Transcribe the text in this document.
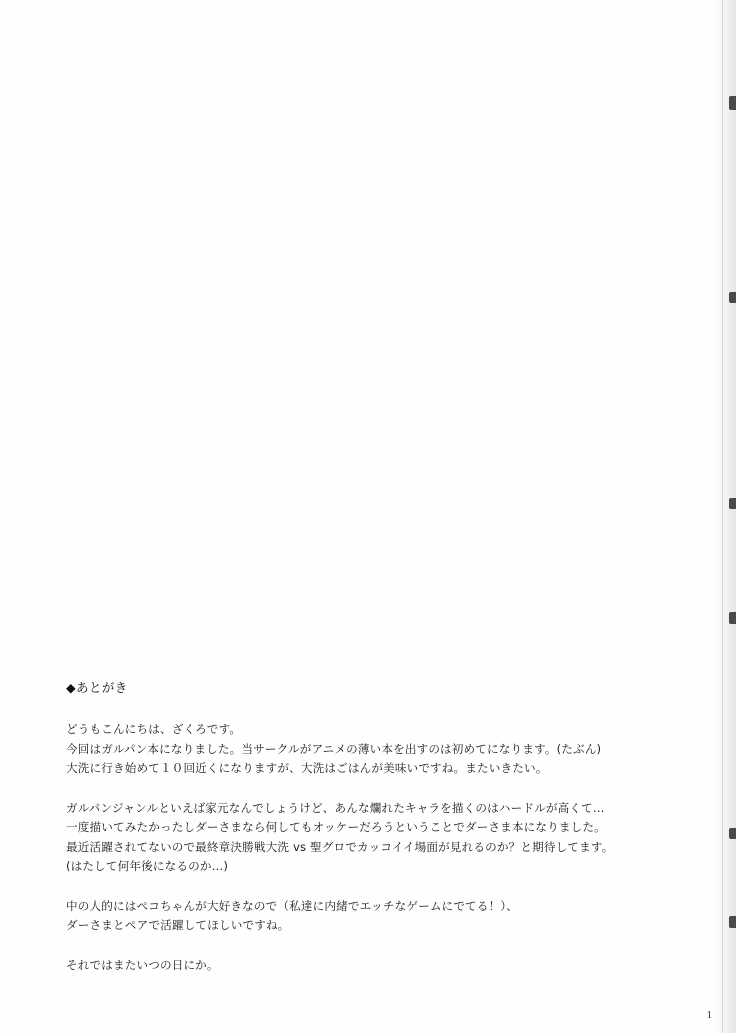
◆あとがき
どうもこんにちは、ざくろです。
今回はガルパン本になりました。当サークルがアニメの薄い本を出すのは初めてになります。(たぶん)
大洗に行き始めて１０回近くになりますが、大洗はごはんが美味いですね。またいきたい。
ガルパンジャンルといえば家元なんでしょうけど、あんな爛れたキャラを描くのはハードルが高くて…
一度描いてみたかったしダーさまなら何してもオッケーだろうということでダーさま本になりました。
最近活躍されてないので最終章決勝戦大洗 vs 聖グロでカッコイイ場面が見れるのか？と期待してます。
(はたして何年後になるのか…)
中の人的にはペコちゃんが大好きなので（私達に内緒でエッチなゲームにでてる！）、
ダーさまとペアで活躍してほしいですね。
それではまたいつの日にか。
1
